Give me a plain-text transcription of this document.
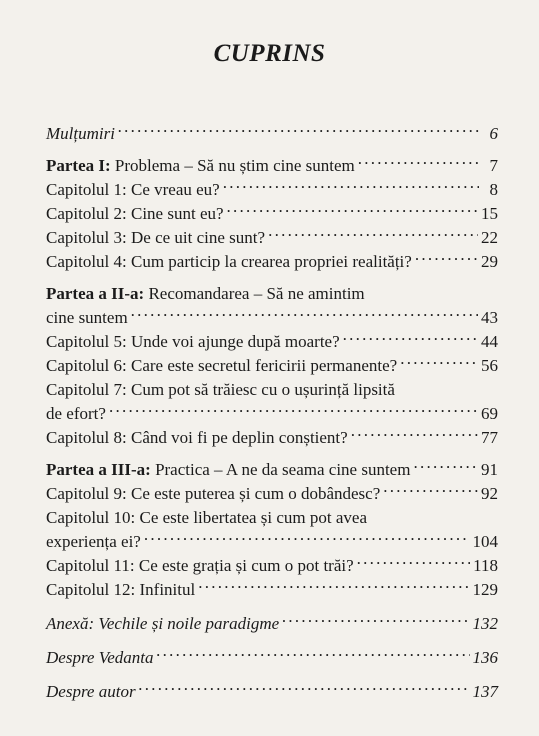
CUPRINS
Mulțumiri . . .	6
Partea I: Problema – Să nu știm cine suntem . . .	7
Capitolul 1: Ce vreau eu? . . .	8
Capitolul 2: Cine sunt eu? . . .	15
Capitolul 3: De ce uit cine sunt? . . .	22
Capitolul 4: Cum particip la crearea propriei realități? . . .	29
Partea a II-a: Recomandarea – Să ne amintim
cine suntem . . .	43
Capitolul 5: Unde voi ajunge după moarte? . . .	44
Capitolul 6: Care este secretul fericirii permanente? . . .	56
Capitolul 7: Cum pot să trăiesc cu o ușurință lipsită
de efort? . . .	69
Capitolul 8: Când voi fi pe deplin conștient? . . .	77
Partea a III-a: Practica – A ne da seama cine suntem . . .	91
Capitolul 9: Ce este puterea și cum o dobândesc? . . .	92
Capitolul 10: Ce este libertatea și cum pot avea
experiența ei? . . .	104
Capitolul 11: Ce este grația și cum o pot trăi? . . .	118
Capitolul 12: Infinitul . . .	129
Anexă: Vechile și noile paradigme . . .	132
Despre Vedanta . . .	136
Despre autor . . .	137
